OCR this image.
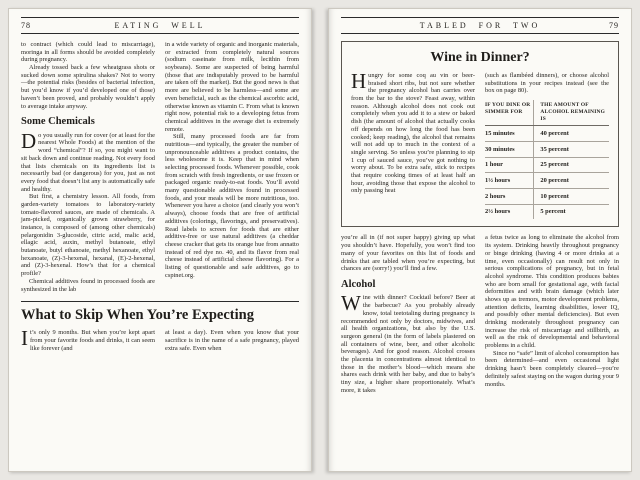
78	EATING WELL

to contract (which could lead to miscarriage), moringa in all forms should be avoided completely during pregnancy.

Already tossed back a few wheatgrass shots or sucked down some spirulina shakes? Not to worry—the potential risks (besides of bacterial infection, but you’d know if you’d developed one of those) haven’t been proved, and probably wouldn’t apply to average intake anyway.

Some Chemicals

Do you usually run for cover (or at least for the nearest Whole Foods) at the mention of the word “chemical”? If so, you might want to sit back down and continue reading. Not every food that lists chemicals on its ingredients list is necessarily bad (or dangerous) for you, just as not every food that doesn’t list any is automatically safe and healthy.

But first, a chemistry lesson. All foods, from garden-variety tomatoes to laboratory-variety tomato-flavored sauces, are made of chemicals. A jam-picked, organically grown strawberry, for instance, is composed of (among other chemicals) pelargonidin 3-glucoside, citric acid, malic acid, ellagic acid, auxin, methyl butanoate, ethyl butanoate, butyl ethanoate, methyl hexanoate, ethyl hexanoate, (Z)-3-hexenal, hexanal, (E)-2-hexenal, and (Z)-3-hexenal. How’s that for a chemical profile?

Chemical additives found in processed foods are synthesized in the lab

in a wide variety of organic and inorganic materials, or extracted from completely natural sources (sodium caseinate from milk, lecithin from soybeans). Some are suspected of being harmful (those that are indisputably proved to be harmful are taken off the market). But the good news is that more are believed to be harmless—and some are even beneficial, such as the chemical ascorbic acid, otherwise known as vitamin C. From what is known right now, potential risk to a developing fetus from chemical additives in the average diet is extremely remote.

Still, many processed foods are far from nutritious—and typically, the greater the number of unpronounceable additives a product contains, the less wholesome it is. Keep that in mind when selecting processed foods. Whenever possible, cook from scratch with fresh ingredients, or use frozen or packaged organic ready-to-eat foods. You’ll avoid many questionable additives found in processed foods, and your meals will be more nutritious, too. Whenever you have a choice (and clearly you won’t always), choose foods that are free of artificial additives (colorings, flavorings, and preservatives). Read labels to screen for foods that are either additive-free or use natural additives (a cheddar cheese cracker that gets its orange hue from annatto instead of red dye no. 40, and its flavor from real cheese instead of artificial cheese flavoring). For a listing of questionable and safe additives, go to cspinet.org.

What to Skip When You’re Expecting

It’s only 9 months. But when you’re kept apart from your favorite foods and drinks, it can seem like forever (and

at least a day). Even when you know that your sacrifice is in the name of a safe pregnancy, played extra safe. Even when

TABLED FOR TWO	79
Wine in Dinner?

Hungry for some coq au vin or beer-braised short ribs, but not sure whether the pregnancy alcohol ban carries over from the bar to the stove? Feast away, within reason. Although alcohol does not cook out completely when you add it to a stew or baked dish (the amount of alcohol that actually cooks off depends on how long the food has been cooked; keep reading), the alcohol that remains will not add up to much in the context of a single serving. So unless you’re planning to sip 1 cup of sauced sauce, you’ve got nothing to worry about. To be extra safe, stick to recipes that require cooking times of at least half an hour, avoiding those that expose the alcohol to only passing heat

(such as flambéed dinners), or choose alcohol substitutions in your recipes instead (see the box on page 80).

IF YOU DINE OR SIMMER FOR	THE AMOUNT OF ALCOHOL REMAINING IS
15 minutes	40 percent
30 minutes	35 percent
1 hour	25 percent
1½ hours	20 percent
2 hours	10 percent
2½ hours	5 percent

you’re all in (if not super happy) giving up what you shouldn’t have. Hopefully, you won’t find too many of your favorites on this list of foods and drinks that are tabled when you’re expecting, but chances are (sorry!) you’ll find a few.

Alcohol

Wine with dinner? Cocktail before? Beer at the barbecue? As you probably already know, total teetotaling during pregnancy is recommended not only by doctors, midwives, and all health organizations, but also by the U.S. surgeon general (in the form of labels plastered on all containers of wine, beer, and other alcoholic beverages). And for good reason. Alcohol crosses the placenta in concentrations almost identical to those in the mother’s blood—which means she shares each drink with her baby, and due to baby’s tiny size, a higher share proportionately. What’s more, it takes

a fetus twice as long to eliminate the alcohol from its system. Drinking heavily throughout pregnancy or binge drinking (having 4 or more drinks at a time, even occasionally) can result not only in serious complications of pregnancy, but in fetal alcohol syndrome. This condition produces babies who are born small for gestational age, with facial deformities and with brain damage (which later shows up as tremors, motor development problems, attention deficits, learning disabilities, lower IQ, and possibly other mental deficiencies). But even drinking moderately throughout pregnancy can increase the risk of miscarriage and stillbirth, as well as the risk of developmental and behavioral problems in a child.

Since no “safe” limit of alcohol consumption has been determined—and even occasional light drinking hasn’t been completely cleared—you’re definitely safest staying on the wagon during your 9 months.
